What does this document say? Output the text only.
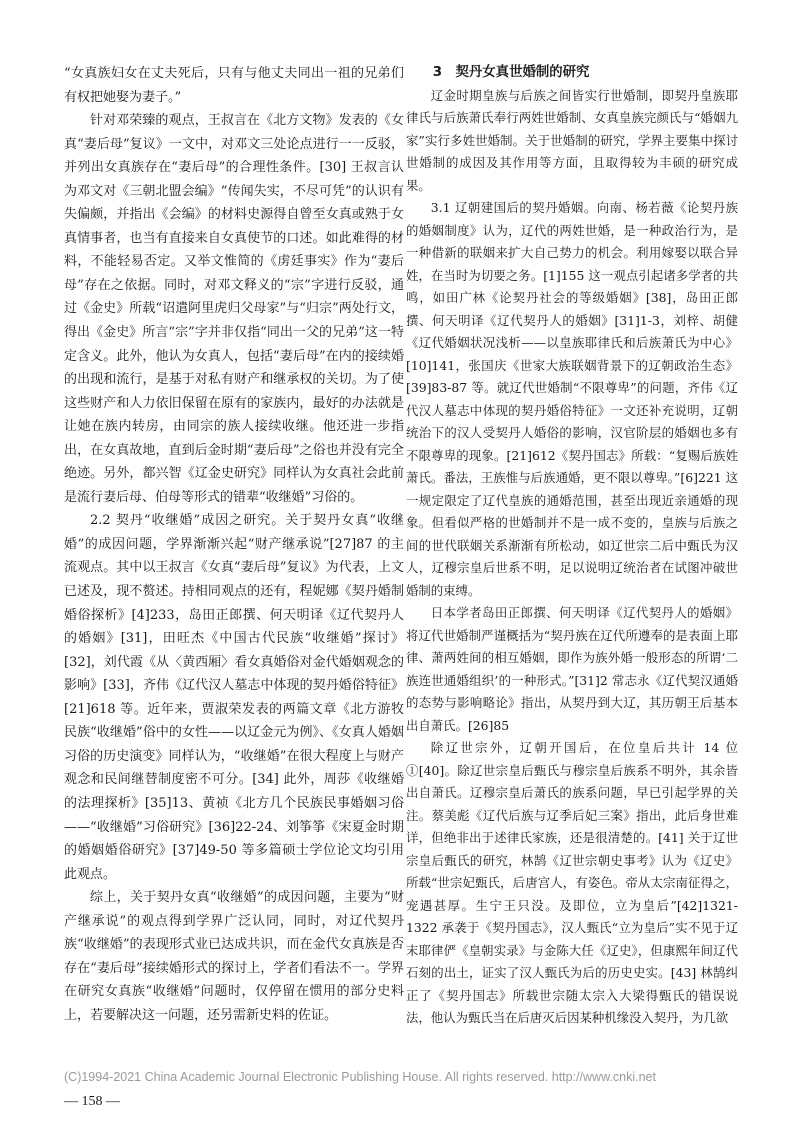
“女真族妇女在丈夫死后，只有与他丈夫同出一祖的兄弟们有权把她娶为妻子。”

针对邓荣臻的观点，王叔言在《北方文物》发表的《女真“妻后母”复议》一文中，对邓文三处论点进行一一反驳，并列出女真族存在“妻后母”的合理性条件。[30] 王叔言认为邓文对《三朝北盟会编》“传闻失实，不尽可凭”的认识有失偏颇，并指出《会编》的材料史源得自曾至女真或熟于女真情事者，也当有直接来自女真使节的口述。如此难得的材料，不能轻易否定。又举文惟简的《虏廷事实》作为“妻后母”存在之依据。同时，对邓文释义的“宗”字进行反驳，通过《金史》所载“诏遣阿里虎归父母家”与“归宗”两处行文，得出《金史》所言“宗”字并非仅指“同出一父的兄弟”这一特定含义。此外，他认为女真人，包括“妻后母”在内的接续婚的出现和流行，是基于对私有财产和继承权的关切。为了使这些财产和人力依旧保留在原有的家族内，最好的办法就是让她在族内转房，由同宗的族人接续收继。他还进一步指出，在女真故地，直到后金时期“妻后母”之俗也并没有完全绝迹。另外，都兴智《辽金史研究》同样认为女真社会此前是流行妻后母、伯母等形式的错辈“收继婚”习俗的。

2.2 契丹“收继婚”成因之研究。关于契丹女真“收继婚”的成因问题，学界渐渐兴起“财产继承说”[27]87 的主流观点。其中以王叔言《女真“妻后母”复议》为代表，上文已述及，现不赘述。持相同观点的还有，程妮娜《契丹婚制婚俗探析》[4]233，岛田正郎撰、何天明译《辽代契丹人的婚姻》[31]，田旺杰《中国古代民族“收继婚”探讨》[32]，刘代霞《从〈黄西厢〉看女真婚俗对金代婚姻观念的影响》[33]，齐伟《辽代汉人墓志中体现的契丹婚俗特征》[21]618 等。近年来，贾淑荣发表的两篇文章《北方游牧民族“收继婚”俗中的女性——以辽金元为例》、《女真人婚姻习俗的历史演变》同样认为，“收继婚”在很大程度上与财产观念和民间继替制度密不可分。[34] 此外，周莎《收继婚的法理探析》[35]13、黄祯《北方几个民族民事婚姻习俗——“收继婚”习俗研究》[36]22-24、刘筝筝《宋夏金时期的婚姻婚俗研究》[37]49-50 等多篇硕士学位论文均引用此观点。

综上，关于契丹女真“收继婚”的成因问题，主要为“财产继承说”的观点得到学界广泛认同，同时，对辽代契丹族“收继婚”的表现形式业已达成共识，而在金代女真族是否存在“妻后母”接续婚形式的探讨上，学者们看法不一。学界在研究女真族“收继婚”问题时，仅停留在惯用的部分史料上，若要解决这一问题，还另需新史料的佐证。

3　契丹女真世婚制的研究

辽金时期皇族与后族之间皆实行世婚制，即契丹皇族耶律氏与后族萧氏奉行两姓世婚制、女真皇族完颜氏与“婚姻九家”实行多姓世婚制。关于世婚制的研究，学界主要集中探讨世婚制的成因及其作用等方面，且取得较为丰硕的研究成果。

3.1 辽朝建国后的契丹婚姻。向南、杨若薇《论契丹族的婚姻制度》认为，辽代的两姓世婚，是一种政治行为，是一种借新的联姻来扩大自己势力的机会。利用嫁娶以联合异姓，在当时为切要之务。[1]155 这一观点引起诸多学者的共鸣，如田广林《论契丹社会的等级婚姻》[38]，岛田正郎撰、何天明译《辽代契丹人的婚姻》[31]1-3，刘梓、胡健《辽代婚姻状况浅析——以皇族耶律氏和后族萧氏为中心》[10]141，张国庆《世家大族联姻背景下的辽朝政治生态》[39]83-87 等。就辽代世婚制“不限尊卑”的问题，齐伟《辽代汉人墓志中体现的契丹婚俗特征》一文还补充说明，辽朝统治下的汉人受契丹人婚俗的影响，汉官阶层的婚姻也多有不限尊卑的现象。[21]612《契丹国志》所载：“复赐后族姓萧氏。番法，王族惟与后族通婚，更不限以尊卑。”[6]221 这一规定限定了辽代皇族的通婚范围，甚至出现近亲通婚的现象。但看似严格的世婚制并不是一成不变的，皇族与后族之间的世代联姻关系渐渐有所松动，如辽世宗二后中甄氏为汉人，辽穆宗皇后世系不明，足以说明辽统治者在试图冲破世婚制的束缚。

日本学者岛田正郎撰、何天明译《辽代契丹人的婚姻》将辽代世婚制严谨概括为“契丹族在辽代所遵奉的是表面上耶律、萧两姓间的相互婚姻，即作为族外婚一般形态的所谓‘二族连世通婚组织’的一种形式。”[31]2 常志永《辽代契汉通婚的态势与影响略论》指出，从契丹到大辽，其历朝王后基本出自萧氏。[26]85

除辽世宗外，辽朝开国后，在位皇后共计 14 位①[40]。除辽世宗皇后甄氏与穆宗皇后族系不明外，其余皆出自萧氏。辽穆宗皇后萧氏的族系问题，早已引起学界的关注。蔡美彪《辽代后族与辽季后妃三案》指出，此后身世难详，但绝非出于述律氏家族，还是很清楚的。[41] 关于辽世宗皇后甄氏的研究，林鹄《辽世宗朝史事考》认为《辽史》所载“世宗妃甄氏，后唐宫人，有姿色。帝从太宗南征得之，宠遇甚厚。生宁王只没。及即位，立为皇后”[42]1321-1322 承袭于《契丹国志》，汉人甄氏“立为皇后”实不见于辽末耶律俨《皇朝实录》与金陈大任《辽史》，但康熙年间辽代石刻的出土，证实了汉人甄氏为后的历史史实。[43] 林鹄纠正了《契丹国志》所载世宗随太宗入大梁得甄氏的错误说法，他认为甄氏当在后唐灭后因某种机缘没入契丹，为几欲

(C)1994-2021 China Academic Journal Electronic Publishing House. All rights reserved. http://www.cnki.net
— 158 —
